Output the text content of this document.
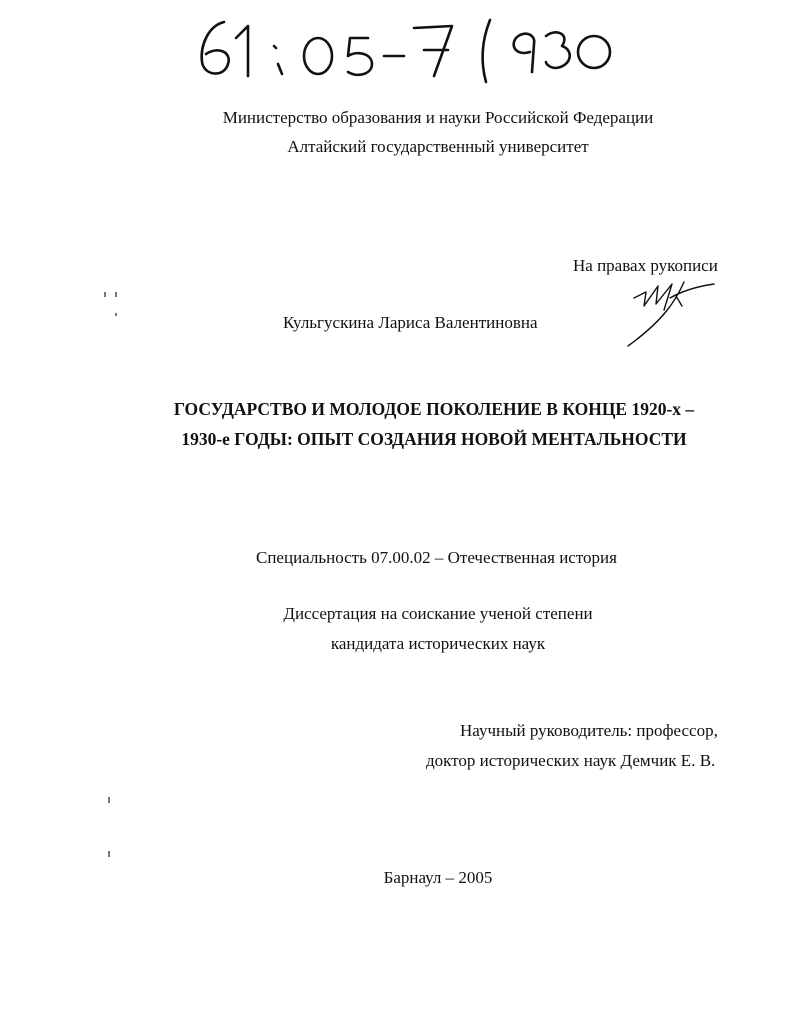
Министерство образования и науки Российской Федерации
Алтайский государственный университет
На правах рукописи
Кульгускина Лариса Валентиновна
ГОСУДАРСТВО И МОЛОДОЕ ПОКОЛЕНИЕ В КОНЦЕ 1920-х –
1930-е ГОДЫ: ОПЫТ СОЗДАНИЯ НОВОЙ МЕНТАЛЬНОСТИ
Специальность 07.00.02 – Отечественная история
Диссертация на соискание ученой степени
кандидата исторических наук
Научный руководитель: профессор,
доктор исторических наук Демчик Е. В.
Барнаул – 2005
